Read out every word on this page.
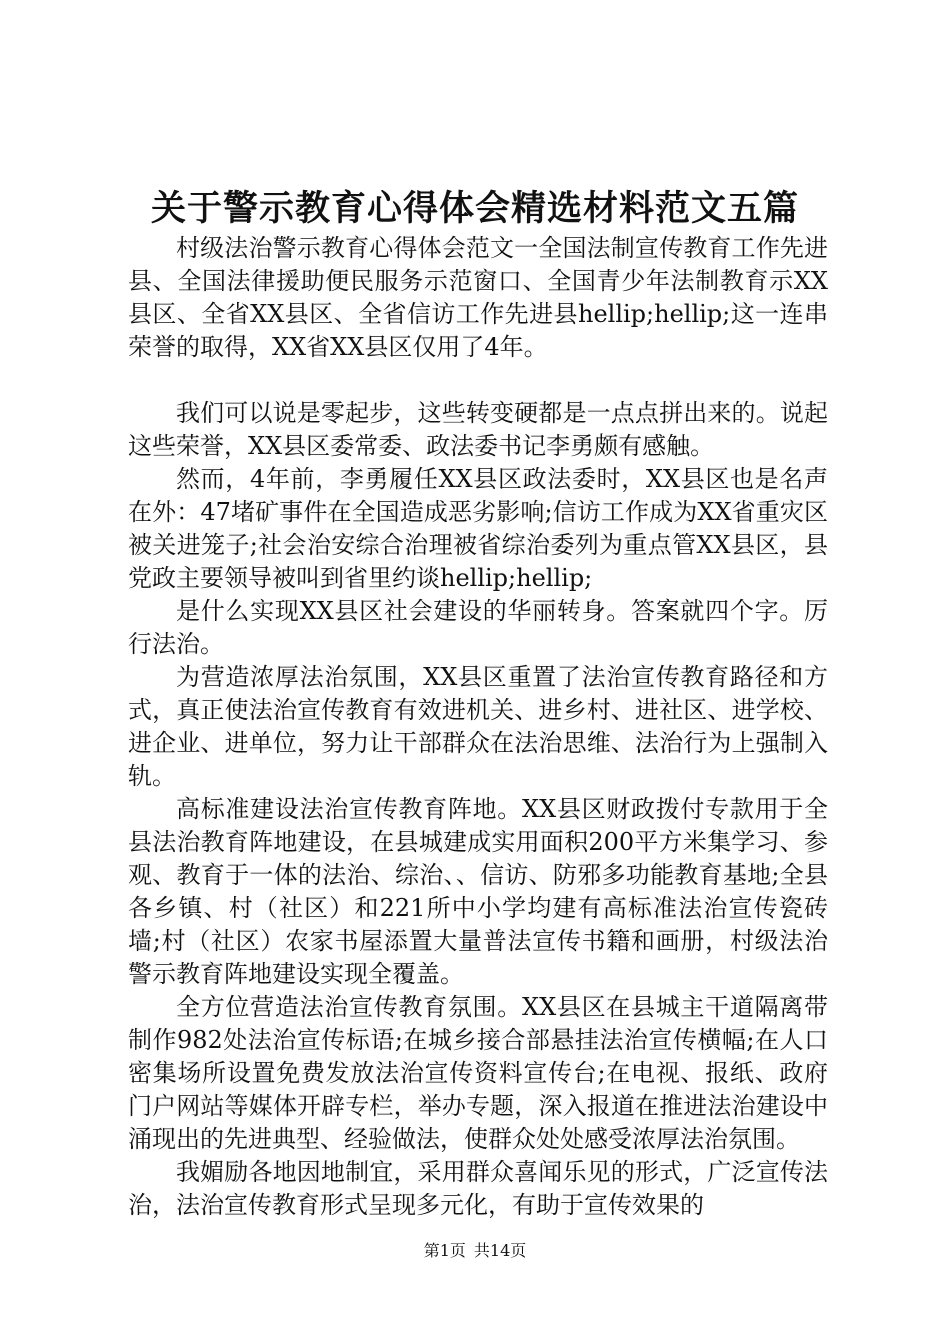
关于警示教育心得体会精选材料范文五篇

村级法治警示教育心得体会范文一全国法制宣传教育工作先进县、全国法律援助便民服务示范窗口、全国青少年法制教育示XX县区、全省XX县区、全省信访工作先进县hellip;hellip;这一连串荣誉的取得，XX省XX县区仅用了4年。

我们可以说是零起步，这些转变硬都是一点点拼出来的。说起这些荣誉，XX县区委常委、政法委书记李勇颇有感触。

然而，4年前，李勇履任XX县区政法委时，XX县区也是名声在外：47堵矿事件在全国造成恶劣影响;信访工作成为XX省重灾区被关进笼子;社会治安综合治理被省综治委列为重点管XX县区，县党政主要领导被叫到省里约谈hellip;hellip;

是什么实现XX县区社会建设的华丽转身。答案就四个字。厉行法治。

为营造浓厚法治氛围，XX县区重置了法治宣传教育路径和方式，真正使法治宣传教育有效进机关、进乡村、进社区、进学校、进企业、进单位，努力让干部群众在法治思维、法治行为上强制入轨。

高标准建设法治宣传教育阵地。XX县区财政拨付专款用于全县法治教育阵地建设，在县城建成实用面积200平方米集学习、参观、教育于一体的法治、综治、、信访、防邪多功能教育基地;全县各乡镇、村（社区）和221所中小学均建有高标准法治宣传瓷砖墙;村（社区）农家书屋添置大量普法宣传书籍和画册，村级法治警示教育阵地建设实现全覆盖。

全方位营造法治宣传教育氛围。XX县区在县城主干道隔离带制作982处法治宣传标语;在城乡接合部悬挂法治宣传横幅;在人口密集场所设置免费发放法治宣传资料宣传台;在电视、报纸、政府门户网站等媒体开辟专栏，举办专题，深入报道在推进法治建设中涌现出的先进典型、经验做法，使群众处处感受浓厚法治氛围。

我媚励各地因地制宜，采用群众喜闻乐见的形式，广泛宣传法治，法治宣传教育形式呈现多元化，有助于宣传效果的

第1页 共14页
